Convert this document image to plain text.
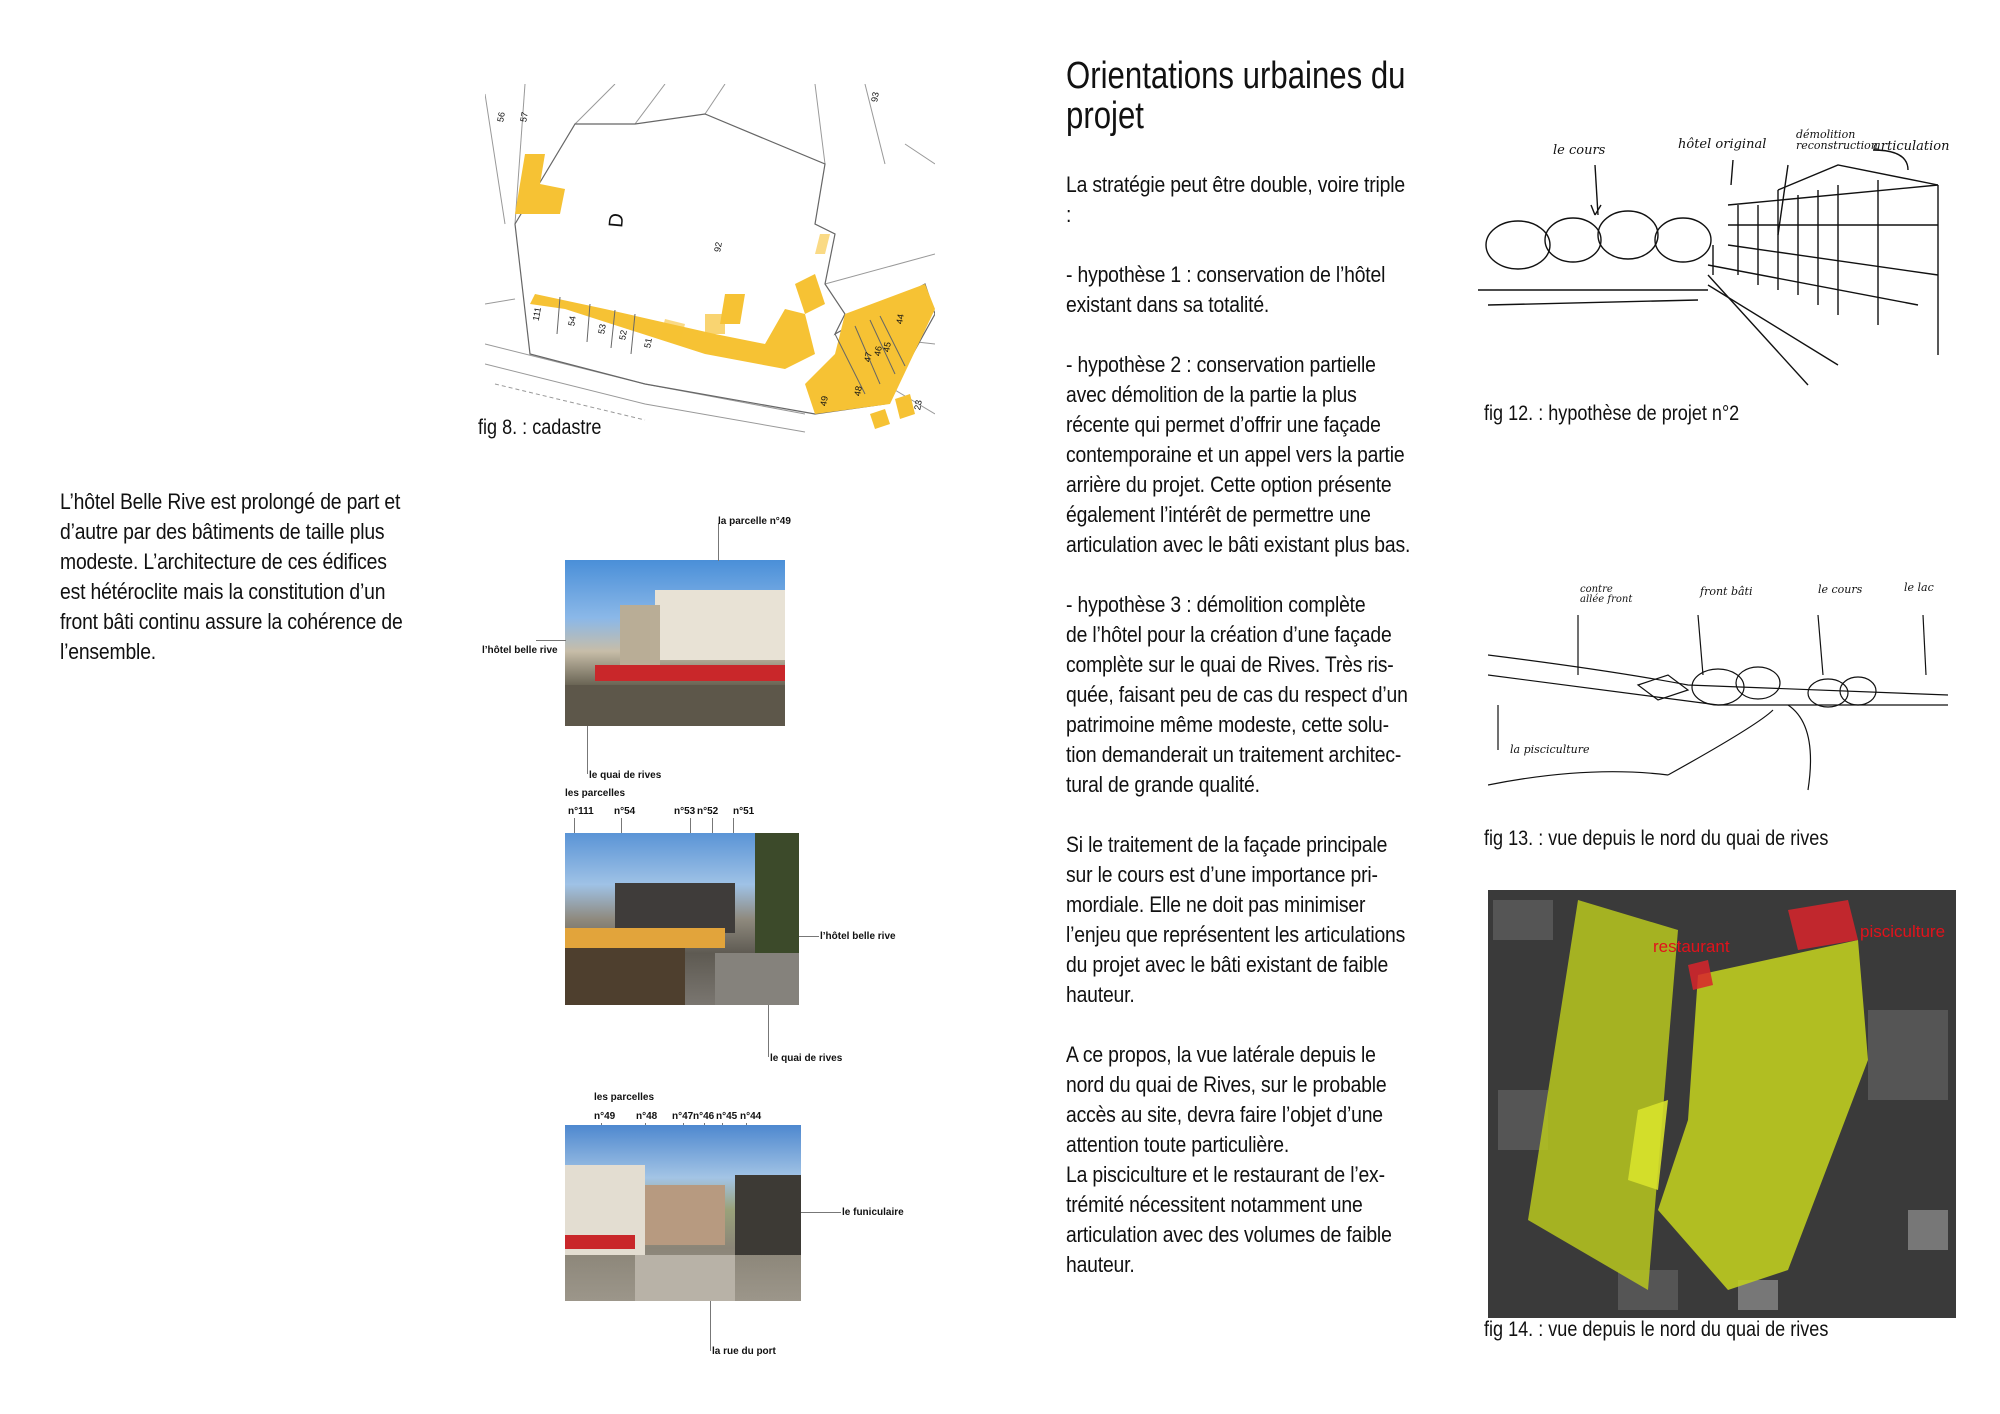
L’hôtel Belle Rive est prolongé de part et
d’autre par des bâtiments de taille plus
modeste. L’architecture de ces édifices
est hétéroclite mais la constitution d’un
front bâti continu assure la cohérence de
l’ensemble.
56 57
93
92
D
111	54
53
52
51
49
48
47
46
45
44
23
fig 8. : cadastre
la parcelle n°49
l’hôtel belle rive
le quai de rives
les parcelles
n°111 n°54	n°53 n°52 n°51
l’hôtel belle rive
le quai de rives
les parcelles
n°49 n°48 n°47 n°46 n°45 n°44
le funiculaire
la rue du port
Orientations urbaines du
projet
La stratégie peut être double, voire triple
:

- hypothèse 1 : conservation de l’hôtel
existant dans sa totalité.

- hypothèse 2 : conservation partielle
avec démolition de la partie la plus
récente qui permet d’offrir une façade
contemporaine et un appel vers la partie
arrière du projet. Cette option présente
également l’intérêt de permettre une
articulation avec le bâti existant plus bas.

- hypothèse 3 : démolition complète
de l’hôtel pour la création d’une façade
complète sur le quai de Rives. Très ris-
quée, faisant peu de cas du respect d’un
patrimoine même modeste, cette solu-
tion demanderait un traitement architec-
tural de grande qualité.

Si le traitement de la façade principale
sur le cours est d’une importance pri-
mordiale. Elle ne doit pas minimiser
l’enjeu que représentent les articulations
du projet avec le bâti existant de faible
hauteur.

A ce propos, la vue latérale depuis le
nord du quai de Rives, sur le probable
accès au site, devra faire l’objet d’une
attention toute particulière.
La pisciculture et le restaurant de l’ex-
trémité nécessitent notamment une
articulation avec des volumes de faible
hauteur.
le cours	hôtel original
démolition reconstruction
articulation
fig 12. : hypothèse de projet n°2
contre allée front
front bâti	le cours	le lac
la pisciculture
fig 13. : vue depuis le nord du quai de rives
restaurant
pisciculture
fig 14. : vue depuis le nord du quai de rives
